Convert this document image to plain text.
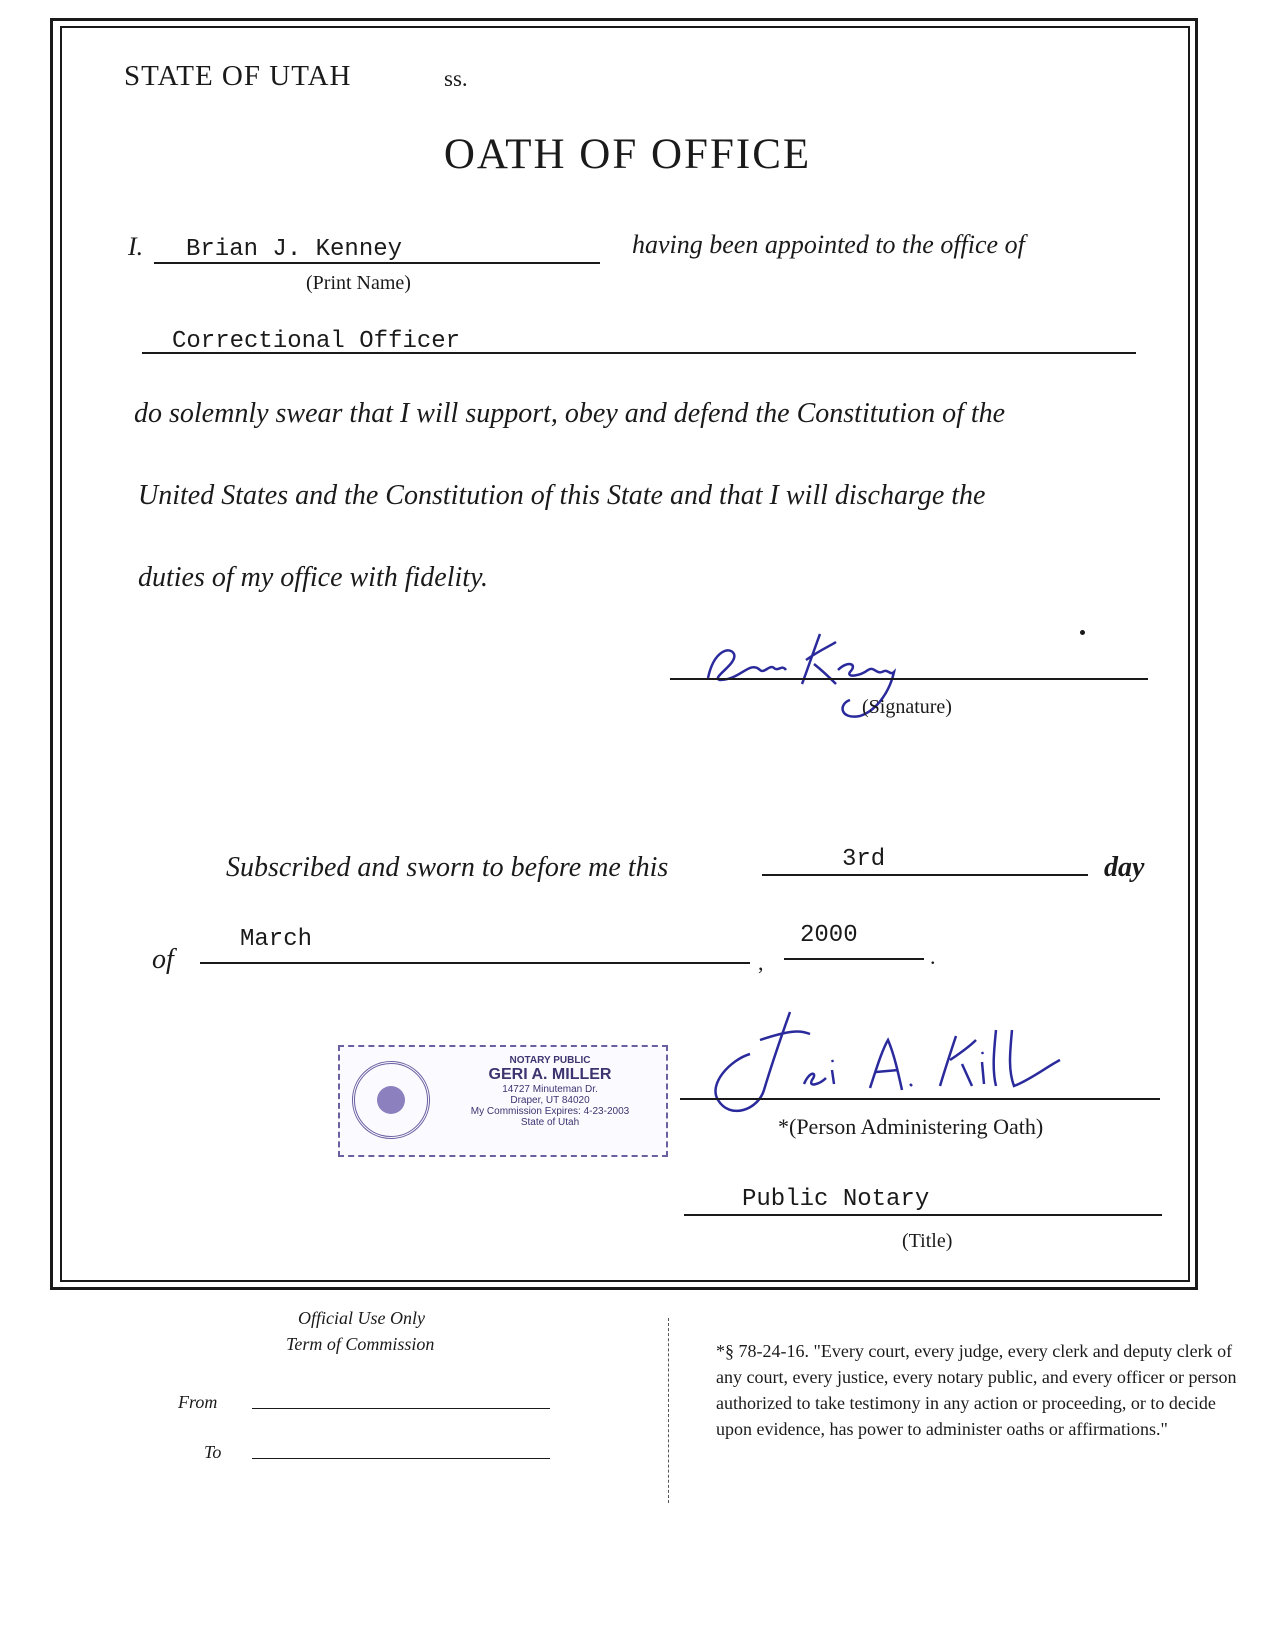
STATE OF UTAH	ss.
OATH OF OFFICE
I. Brian J. Kenney
(Print Name)
having been appointed to the office of
Correctional Officer
do solemnly swear that I will support, obey and defend the Constitution of the
United States and the Constitution of this State and that I will discharge the
duties of my office with fidelity.
(Signature)
Subscribed and sworn to before me this	3rd	day
of
March
,
2000
.
NOTARY PUBLIC
GERI A. MILLER
14727 Minuteman Dr.
Draper, UT 84020
My Commission Expires: 4-23-2003
State of Utah	*(Person Administering Oath)
Public Notary
(Title)
Official Use Only
Term of Commission
From
To
*§ 78-24-16. "Every court, every judge, every clerk and deputy clerk of any court, every justice, every notary public, and every officer or person authorized to take testimony in any action or proceeding, or to decide upon evidence, has power to administer oaths or affirmations."
